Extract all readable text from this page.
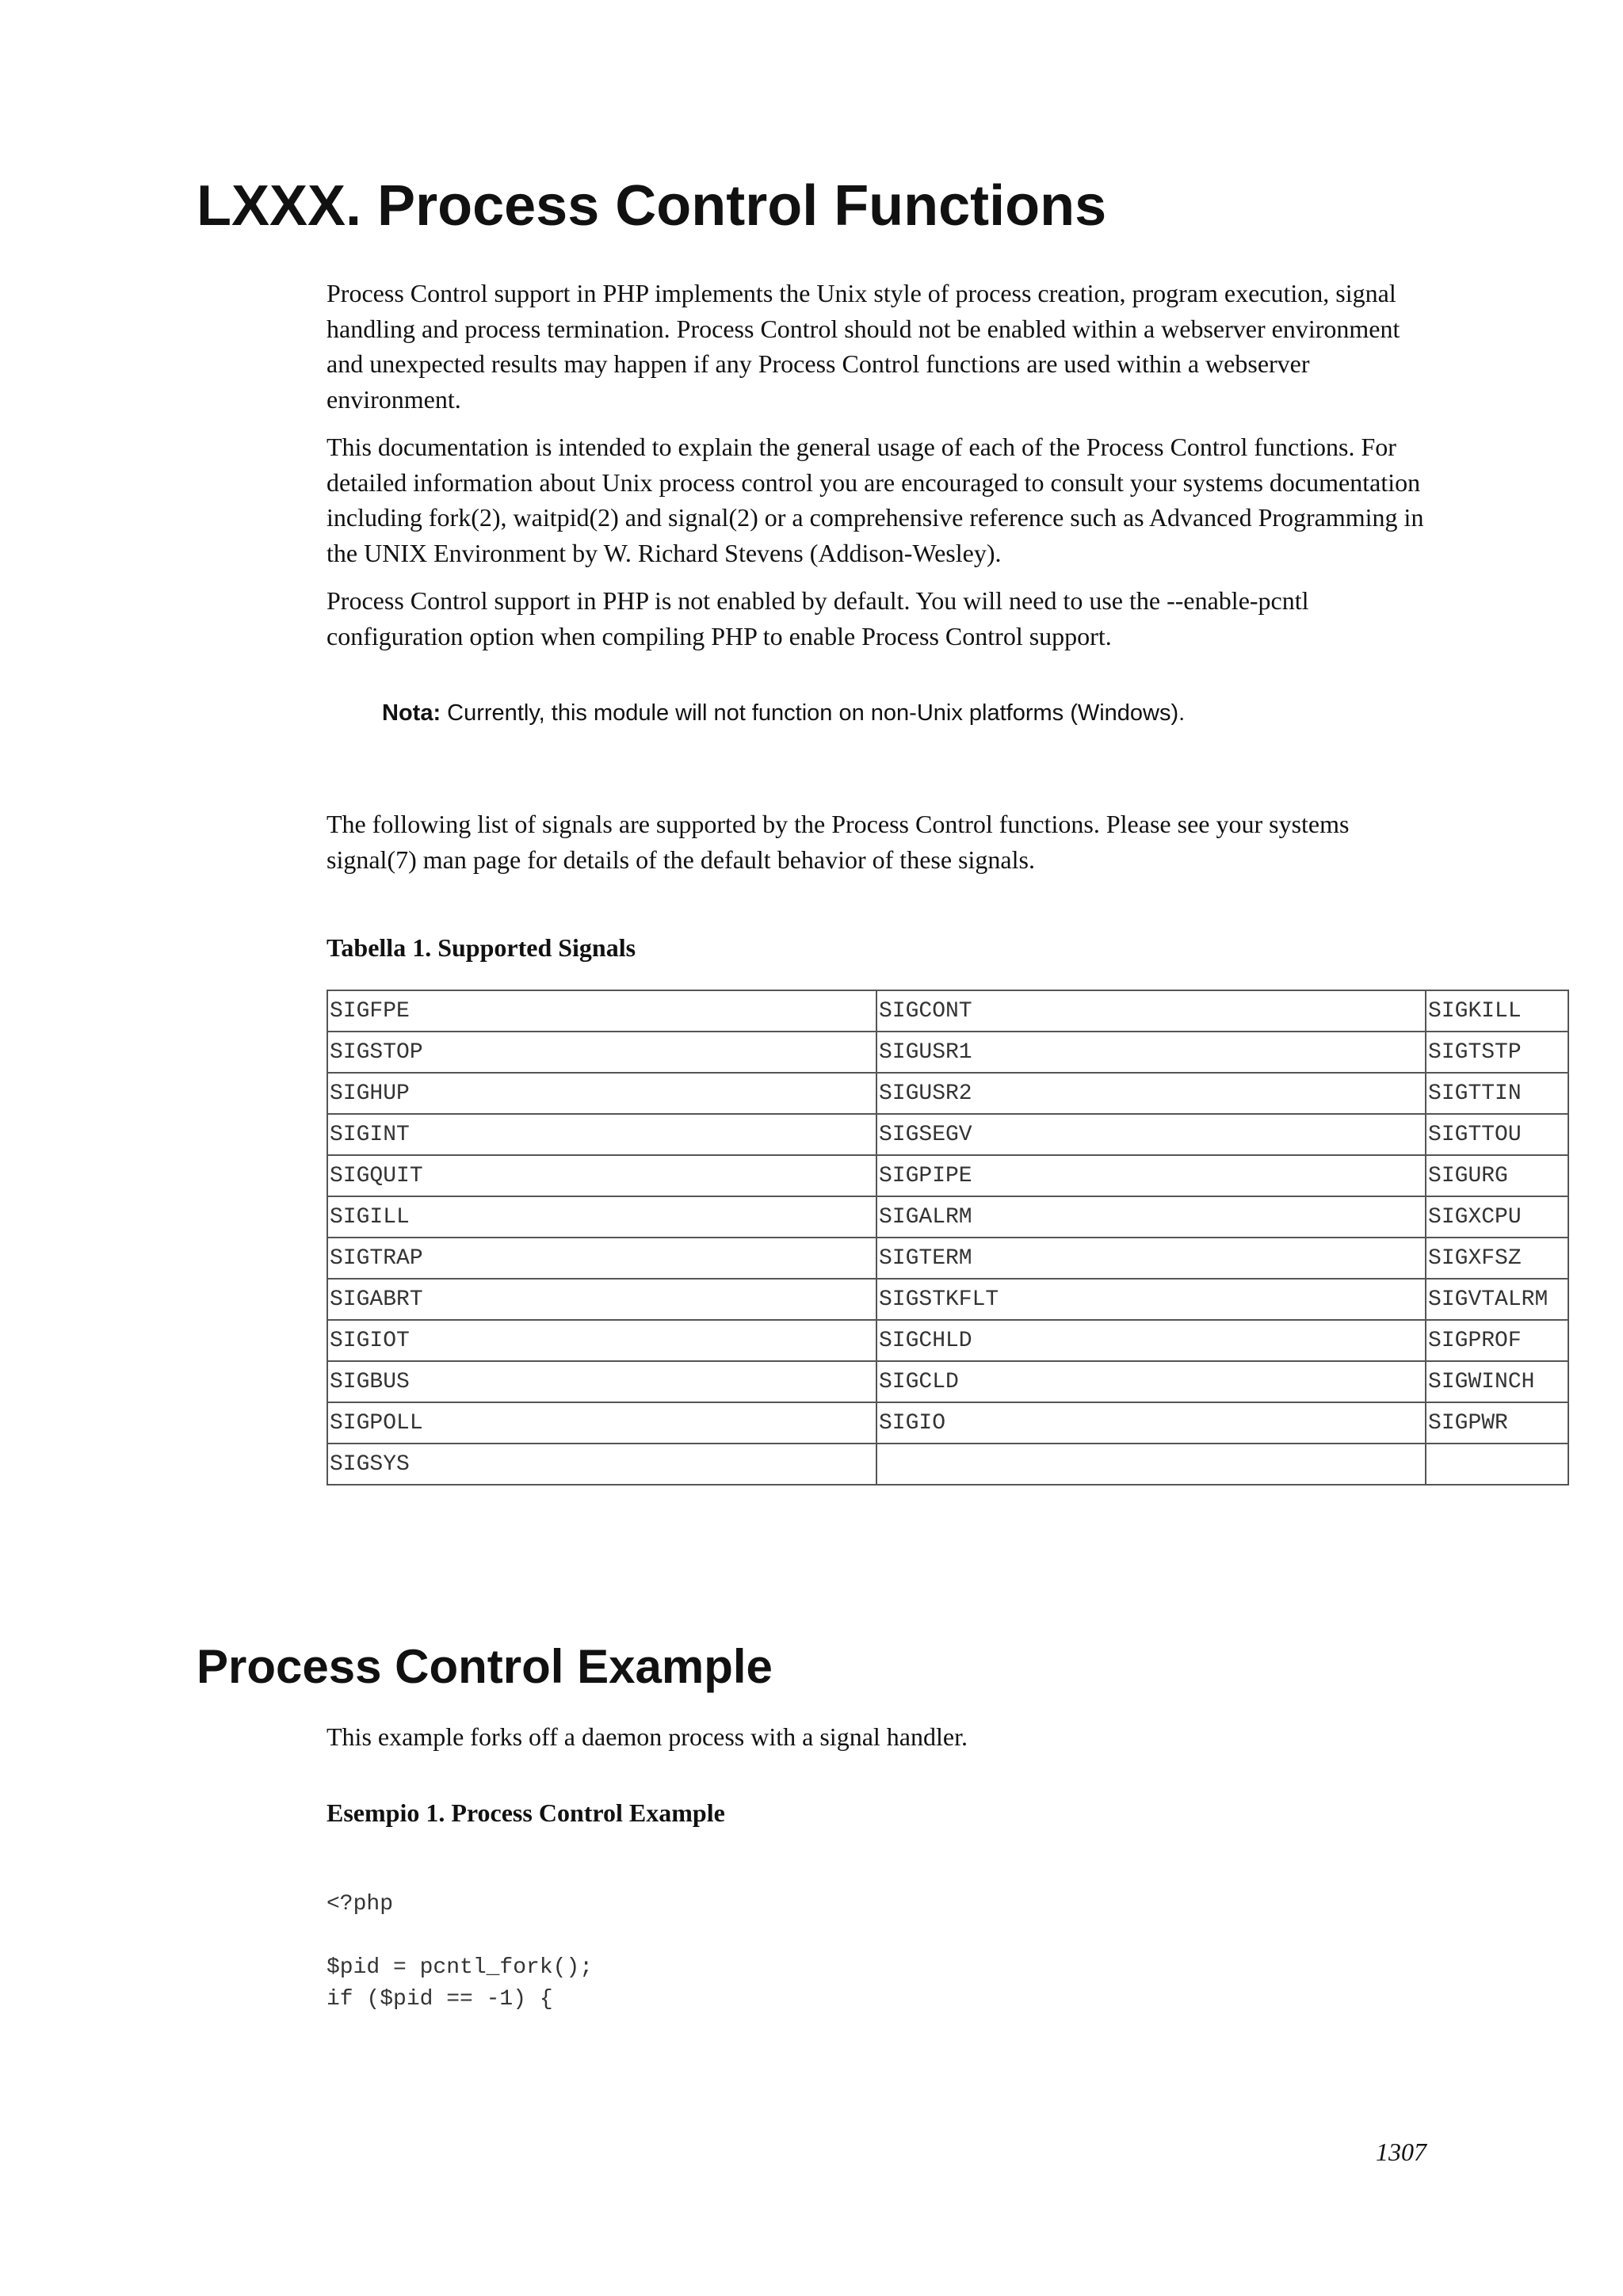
LXXX. Process Control Functions

Process Control support in PHP implements the Unix style of process creation, program execution, signal handling and process termination. Process Control should not be enabled within a webserver environment and unexpected results may happen if any Process Control functions are used within a webserver environment.

This documentation is intended to explain the general usage of each of the Process Control functions. For detailed information about Unix process control you are encouraged to consult your systems documentation including fork(2), waitpid(2) and signal(2) or a comprehensive reference such as Advanced Programming in the UNIX Environment by W. Richard Stevens (Addison-Wesley).

Process Control support in PHP is not enabled by default. You will need to use the --enable-pcntl configuration option when compiling PHP to enable Process Control support.

Nota: Currently, this module will not function on non-Unix platforms (Windows).

The following list of signals are supported by the Process Control functions. Please see your systems signal(7) man page for details of the default behavior of these signals.

Tabella 1. Supported Signals

SIGFPE	SIGCONT	SIGKILL
SIGSTOP	SIGUSR1	SIGTSTP
SIGHUP	SIGUSR2	SIGTTIN
SIGINT	SIGSEGV	SIGTTOU
SIGQUIT	SIGPIPE	SIGURG
SIGILL	SIGALRM	SIGXCPU
SIGTRAP	SIGTERM	SIGXFSZ
SIGABRT	SIGSTKFLT	SIGVTALRM
SIGIOT	SIGCHLD	SIGPROF
SIGBUS	SIGCLD	SIGWINCH
SIGPOLL	SIGIO	SIGPWR
SIGSYS		
Process Control Example

This example forks off a daemon process with a signal handler.

Esempio 1. Process Control Example

<?php

$pid = pcntl_fork();
if ($pid == -1) {

1307
